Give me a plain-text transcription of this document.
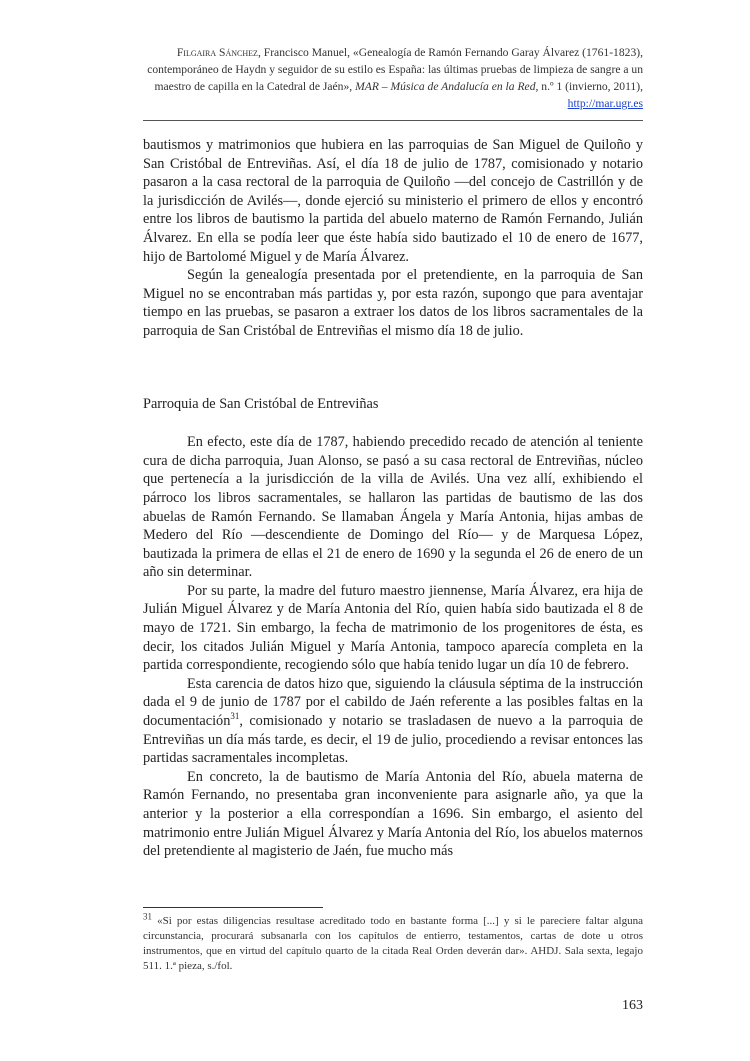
Filgaira Sánchez, Francisco Manuel, «Genealogía de Ramón Fernando Garay Álvarez (1761-1823), contemporáneo de Haydn y seguidor de su estilo es España: las últimas pruebas de limpieza de sangre a un maestro de capilla en la Catedral de Jaén», MAR – Música de Andalucía en la Red, n.º 1 (invierno, 2011), http://mar.ugr.es

bautismos y matrimonios que hubiera en las parroquias de San Miguel de Quiloño y San Cristóbal de Entreviñas. Así, el día 18 de julio de 1787, comisionado y notario pasaron a la casa rectoral de la parroquia de Quiloño —del concejo de Castrillón y de la jurisdicción de Avilés—, donde ejerció su ministerio el primero de ellos y encontró entre los libros de bautismo la partida del abuelo materno de Ramón Fernando, Julián Álvarez. En ella se podía leer que éste había sido bautizado el 10 de enero de 1677, hijo de Bartolomé Miguel y de María Álvarez.

Según la genealogía presentada por el pretendiente, en la parroquia de San Miguel no se encontraban más partidas y, por esta razón, supongo que para aventajar tiempo en las pruebas, se pasaron a extraer los datos de los libros sacramentales de la parroquia de San Cristóbal de Entreviñas el mismo día 18 de julio.

Parroquia de San Cristóbal de Entreviñas

En efecto, este día de 1787, habiendo precedido recado de atención al teniente cura de dicha parroquia, Juan Alonso, se pasó a su casa rectoral de Entreviñas, núcleo que pertenecía a la jurisdicción de la villa de Avilés. Una vez allí, exhibiendo el párroco los libros sacramentales, se hallaron las partidas de bautismo de las dos abuelas de Ramón Fernando. Se llamaban Ángela y María Antonia, hijas ambas de Medero del Río —descendiente de Domingo del Río— y de Marquesa López, bautizada la primera de ellas el 21 de enero de 1690 y la segunda el 26 de enero de un año sin determinar.

Por su parte, la madre del futuro maestro jiennense, María Álvarez, era hija de Julián Miguel Álvarez y de María Antonia del Río, quien había sido bautizada el 8 de mayo de 1721. Sin embargo, la fecha de matrimonio de los progenitores de ésta, es decir, los citados Julián Miguel y María Antonia, tampoco aparecía completa en la partida correspondiente, recogiendo sólo que había tenido lugar un día 10 de febrero.

Esta carencia de datos hizo que, siguiendo la cláusula séptima de la instrucción dada el 9 de junio de 1787 por el cabildo de Jaén referente a las posibles faltas en la documentación$^{31}$, comisionado y notario se trasladasen de nuevo a la parroquia de Entreviñas un día más tarde, es decir, el 19 de julio, procediendo a revisar entonces las partidas sacramentales incompletas.

En concreto, la de bautismo de María Antonia del Río, abuela materna de Ramón Fernando, no presentaba gran inconveniente para asignarle año, ya que la anterior y la posterior a ella correspondían a 1696. Sin embargo, el asiento del matrimonio entre Julián Miguel Álvarez y María Antonia del Río, los abuelos maternos del pretendiente al magisterio de Jaén, fue mucho más

$^{31}$ «Si por estas diligencias resultase acreditado todo en bastante forma [...] y si le pareciere faltar alguna circunstancia, procurará subsanarla con los capítulos de entierro, testamentos, cartas de dote u otros instrumentos, que en virtud del capítulo quarto de la citada Real Orden deverán dar». AHDJ. Sala sexta, legajo 511. 1.ª pieza, s./fol.
163
